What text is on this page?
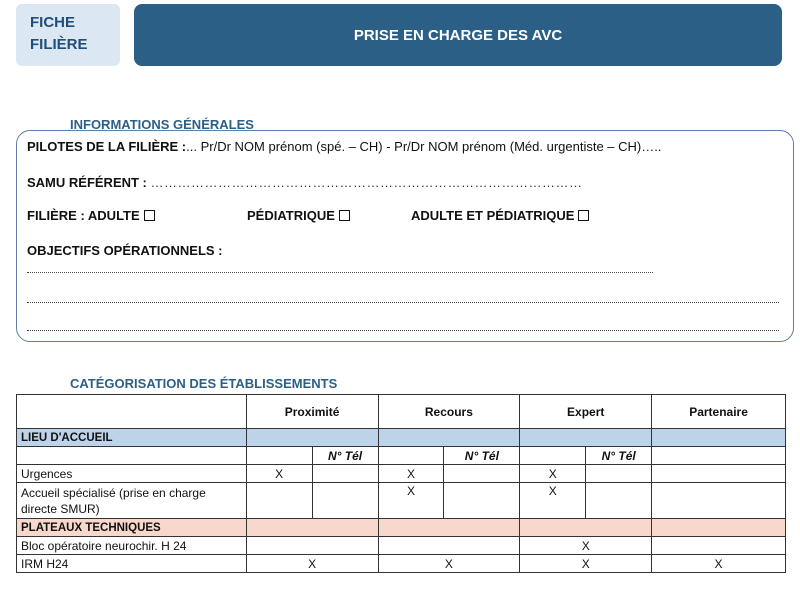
FICHE
FILIÈRE
PRISE EN CHARGE DES AVC
INFORMATIONS GÉNÉRALES
PILOTES DE LA FILIÈRE :... Pr/Dr NOM prénom (spé. – CH) - Pr/Dr NOM prénom (Méd. urgentiste – CH)…..
SAMU RÉFÉRENT : ……………………………………………………………………………………
FILIÈRE : ADULTE	PÉDIATRIQUE	ADULTE ET PÉDIATRIQUE
OBJECTIFS OPÉRATIONNELS :
CATÉGORISATION DES ÉTABLISSEMENTS
	Proximité		Recours		Expert		Partenaire
LIEU D'ACCUEIL							
		N° Tél		N° Tél		N° Tél	
Urgences	X		X		X		
Accueil spécialisé (prise en charge directe SMUR)			X		X		
PLATEAUX TECHNIQUES							
Bloc opératoire neurochir. H 24					X		
IRM H24	X		X		X		X
